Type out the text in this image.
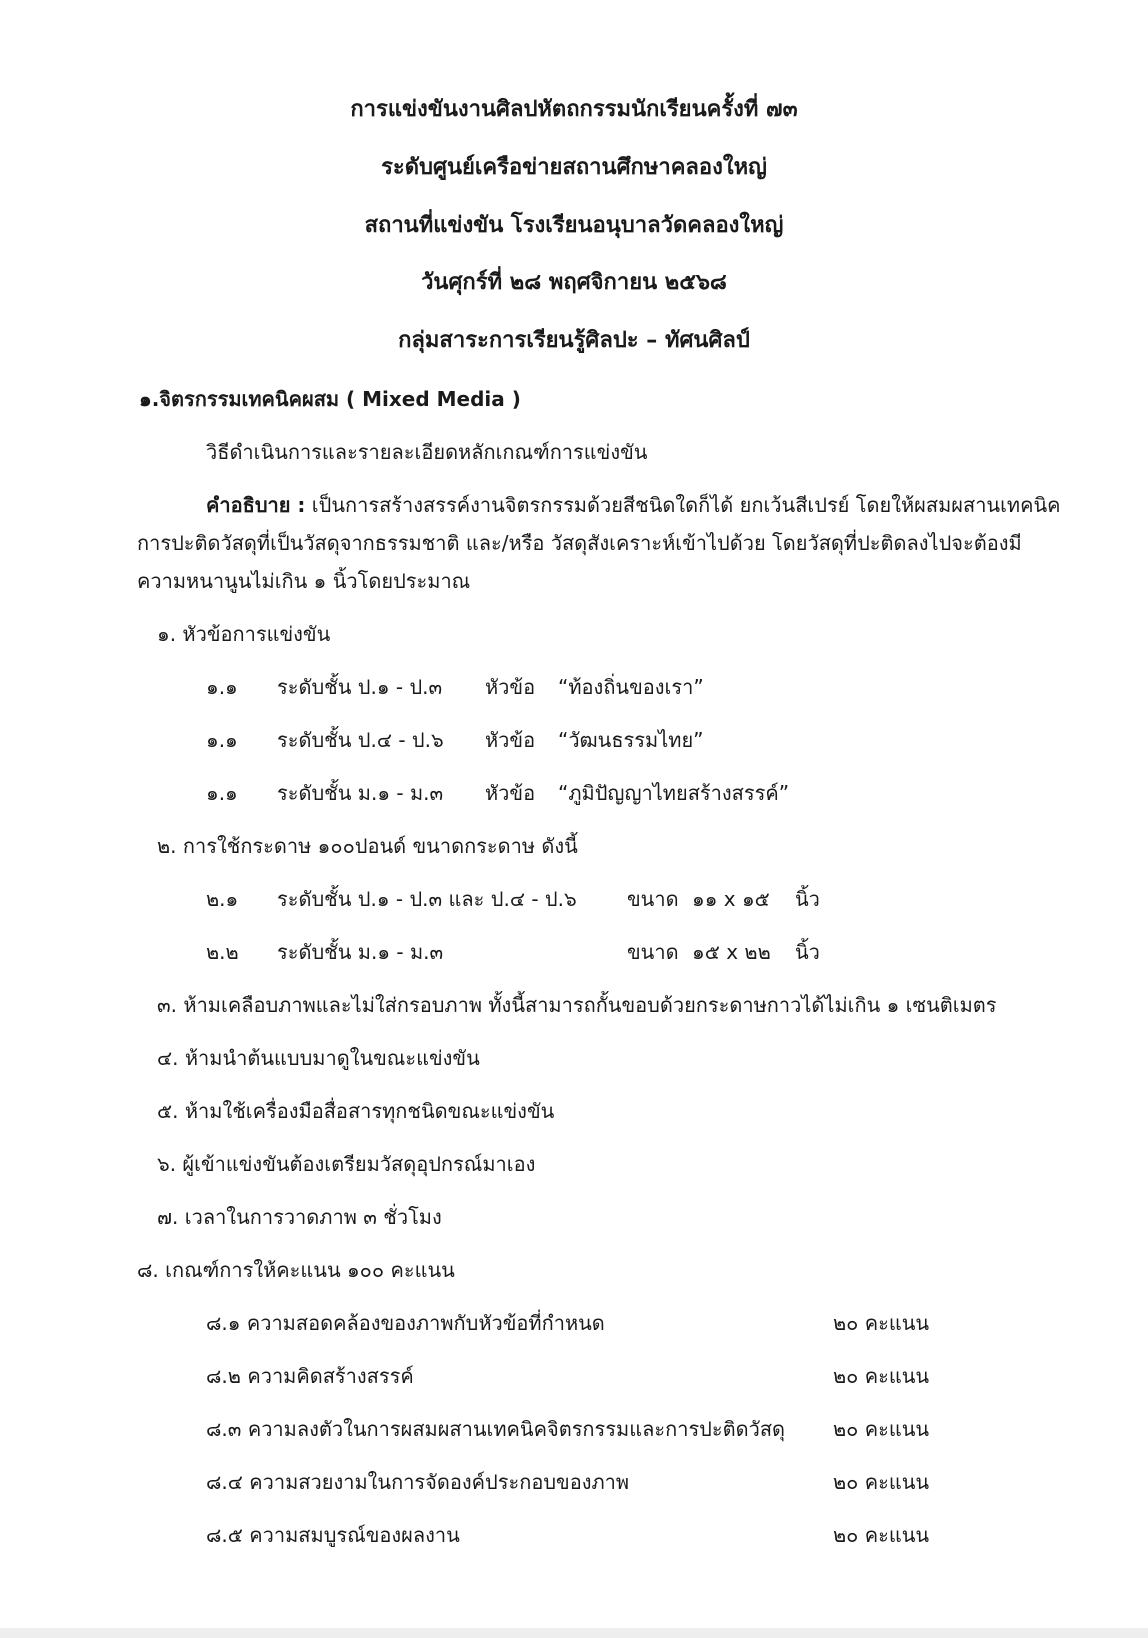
การแข่งขันงานศิลปหัตถกรรมนักเรียนครั้งที่ ๗๓
ระดับศูนย์เครือข่ายสถานศึกษาคลองใหญ่
สถานที่แข่งขัน โรงเรียนอนุบาลวัดคลองใหญ่
วันศุกร์ที่ ๒๘ พฤศจิกายน ๒๕๖๘
กลุ่มสาระการเรียนรู้ศิลปะ – ทัศนศิลป์
๑.จิตรกรรมเทคนิคผสม ( Mixed Media )
วิธีดำเนินการและรายละเอียดหลักเกณฑ์การแข่งขัน
คำอธิบาย : เป็นการสร้างสรรค์งานจิตรกรรมด้วยสีชนิดใดก็ได้ ยกเว้นสีเปรย์ โดยให้ผสมผสานเทคนิค
การปะติดวัสดุที่เป็นวัสดุจากธรรมชาติ และ/หรือ วัสดุสังเคราะห์เข้าไปด้วย โดยวัสดุที่ปะติดลงไปจะต้องมี
ความหนานูนไม่เกิน ๑ นิ้วโดยประมาณ
๑. หัวข้อการแข่งขัน
๑.๑ ระดับชั้น ป.๑ - ป.๓ หัวข้อ “ท้องถิ่นของเรา”
๑.๑ ระดับชั้น ป.๔ - ป.๖ หัวข้อ “วัฒนธรรมไทย”
๑.๑ ระดับชั้น ม.๑ - ม.๓ หัวข้อ “ภูมิปัญญาไทยสร้างสรรค์”
๒. การใช้กระดาษ ๑๐๐ปอนด์ ขนาดกระดาษ ดังนี้
๒.๑ ระดับชั้น ป.๑ - ป.๓ และ ป.๔ - ป.๖	ขนาด ๑๑ x ๑๕ นิ้ว
๒.๒ ระดับชั้น ม.๑ - ม.๓	ขนาด ๑๕ x ๒๒ นิ้ว
๓. ห้ามเคลือบภาพและไม่ใส่กรอบภาพ ทั้งนี้สามารถกั้นขอบด้วยกระดาษกาวได้ไม่เกิน ๑ เซนติเมตร
๔. ห้ามนำต้นแบบมาดูในขณะแข่งขัน
๕. ห้ามใช้เครื่องมือสื่อสารทุกชนิดขณะแข่งขัน
๖. ผู้เข้าแข่งขันต้องเตรียมวัสดุอุปกรณ์มาเอง
๗. เวลาในการวาดภาพ ๓ ชั่วโมง
๘. เกณฑ์การให้คะแนน ๑๐๐ คะแนน
๘.๑ ความสอดคล้องของภาพกับหัวข้อที่กำหนด	๒๐ คะแนน
๘.๒ ความคิดสร้างสรรค์	๒๐ คะแนน
๘.๓ ความลงตัวในการผสมผสานเทคนิคจิตรกรรมและการปะติดวัสดุ ๒๐ คะแนน
๘.๔ ความสวยงามในการจัดองค์ประกอบของภาพ	๒๐ คะแนน
๘.๕ ความสมบูรณ์ของผลงาน	๒๐ คะแนน
